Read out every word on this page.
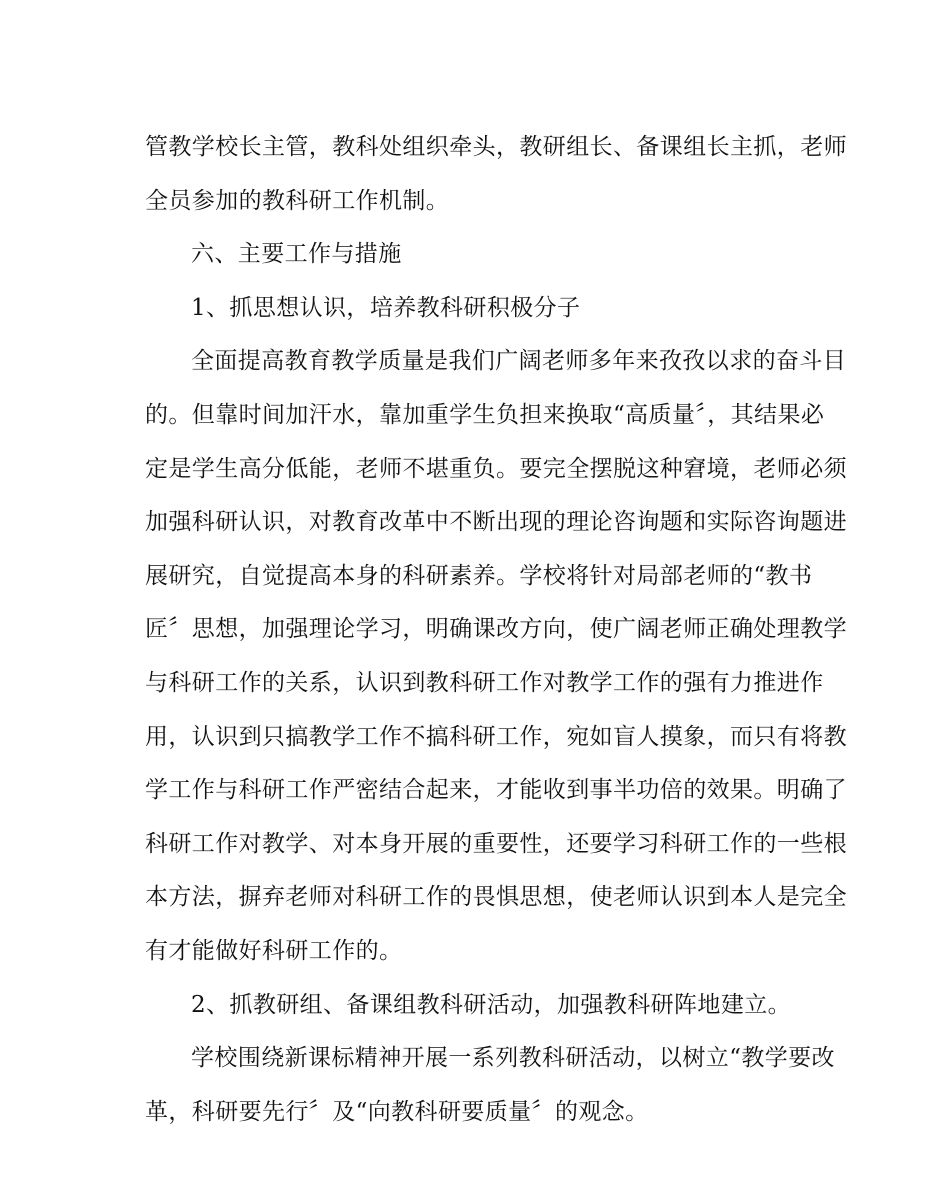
管教学校长主管，教科处组织牵头，教研组长、备课组长主抓，老师
全员参加的教科研工作机制。
六、主要工作与措施
1、抓思想认识，培养教科研积极分子
全面提高教育教学质量是我们广阔老师多年来孜孜以求的奋斗目
的。但靠时间加汗水，靠加重学生负担来换取“高质量〞，其结果必
定是学生高分低能，老师不堪重负。要完全摆脱这种窘境，老师必须
加强科研认识，对教育改革中不断出现的理论咨询题和实际咨询题进
展研究，自觉提高本身的科研素养。学校将针对局部老师的“教书
匠〞思想，加强理论学习，明确课改方向，使广阔老师正确处理教学
与科研工作的关系，认识到教科研工作对教学工作的强有力推进作
用，认识到只搞教学工作不搞科研工作，宛如盲人摸象，而只有将教
学工作与科研工作严密结合起来，才能收到事半功倍的效果。明确了
科研工作对教学、对本身开展的重要性，还要学习科研工作的一些根
本方法，摒弃老师对科研工作的畏惧思想，使老师认识到本人是完全
有才能做好科研工作的。
2、抓教研组、备课组教科研活动，加强教科研阵地建立。
学校围绕新课标精神开展一系列教科研活动，以树立“教学要改
革，科研要先行〞及“向教科研要质量〞的观念。
